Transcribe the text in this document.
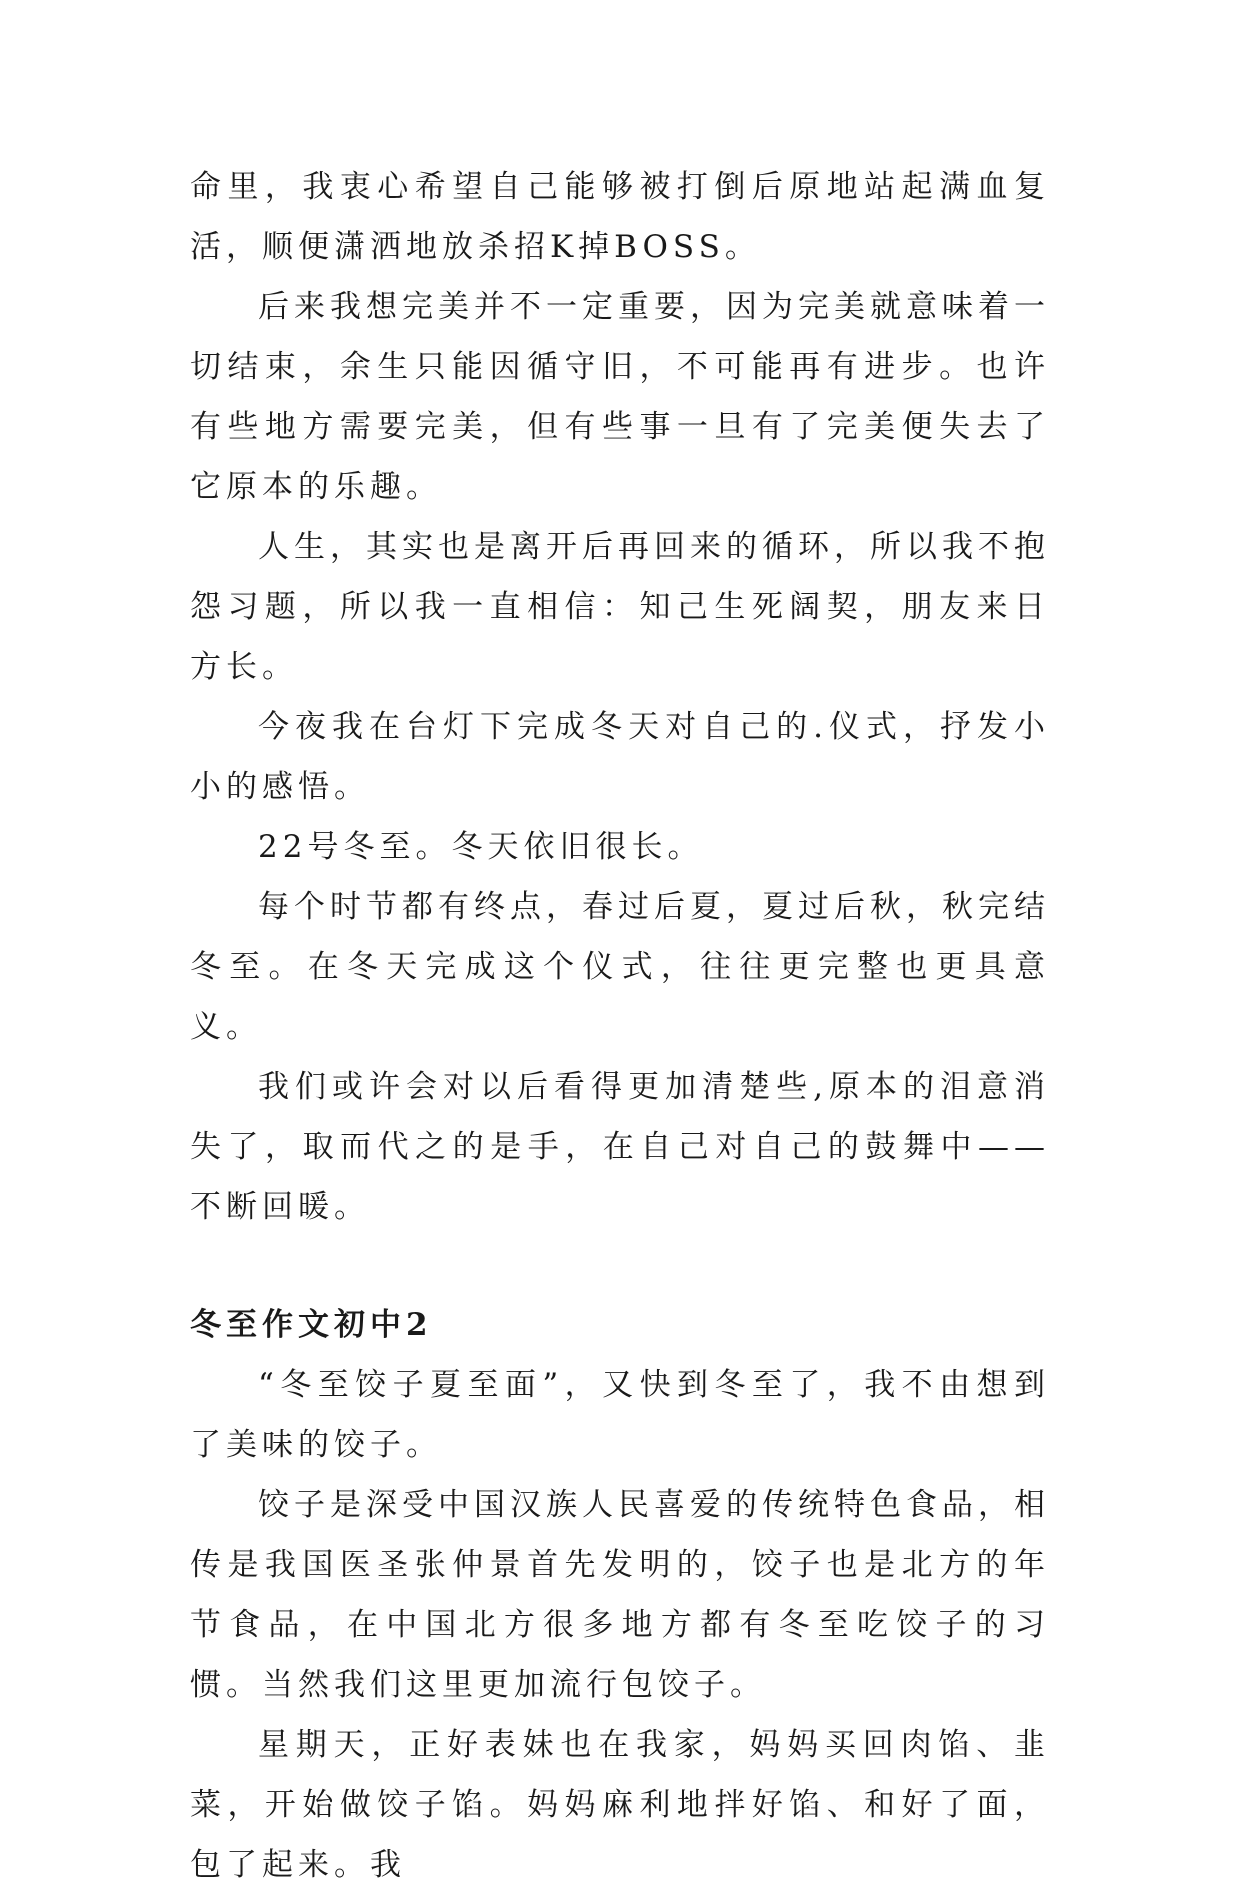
命里，我衷心希望自己能够被打倒后原地站起满血复活，顺便潇洒地放杀招K掉BOSS。

后来我想完美并不一定重要，因为完美就意味着一切结束，余生只能因循守旧，不可能再有进步。也许有些地方需要完美，但有些事一旦有了完美便失去了它原本的乐趣。

人生，其实也是离开后再回来的循环，所以我不抱怨习题，所以我一直相信：知己生死阔契，朋友来日方长。

今夜我在台灯下完成冬天对自己的.仪式，抒发小小的感悟。

22号冬至。冬天依旧很长。

每个时节都有终点，春过后夏，夏过后秋，秋完结冬至。在冬天完成这个仪式，往往更完整也更具意义。

我们或许会对以后看得更加清楚些,原本的泪意消失了，取而代之的是手，在自己对自己的鼓舞中——不断回暖。

冬至作文初中2

“冬至饺子夏至面”，又快到冬至了，我不由想到了美味的饺子。

饺子是深受中国汉族人民喜爱的传统特色食品，相传是我国医圣张仲景首先发明的，饺子也是北方的年节食品，在中国北方很多地方都有冬至吃饺子的习惯。当然我们这里更加流行包饺子。

星期天，正好表妹也在我家，妈妈买回肉馅、韭菜，开始做饺子馅。妈妈麻利地拌好馅、和好了面，包了起来。我
